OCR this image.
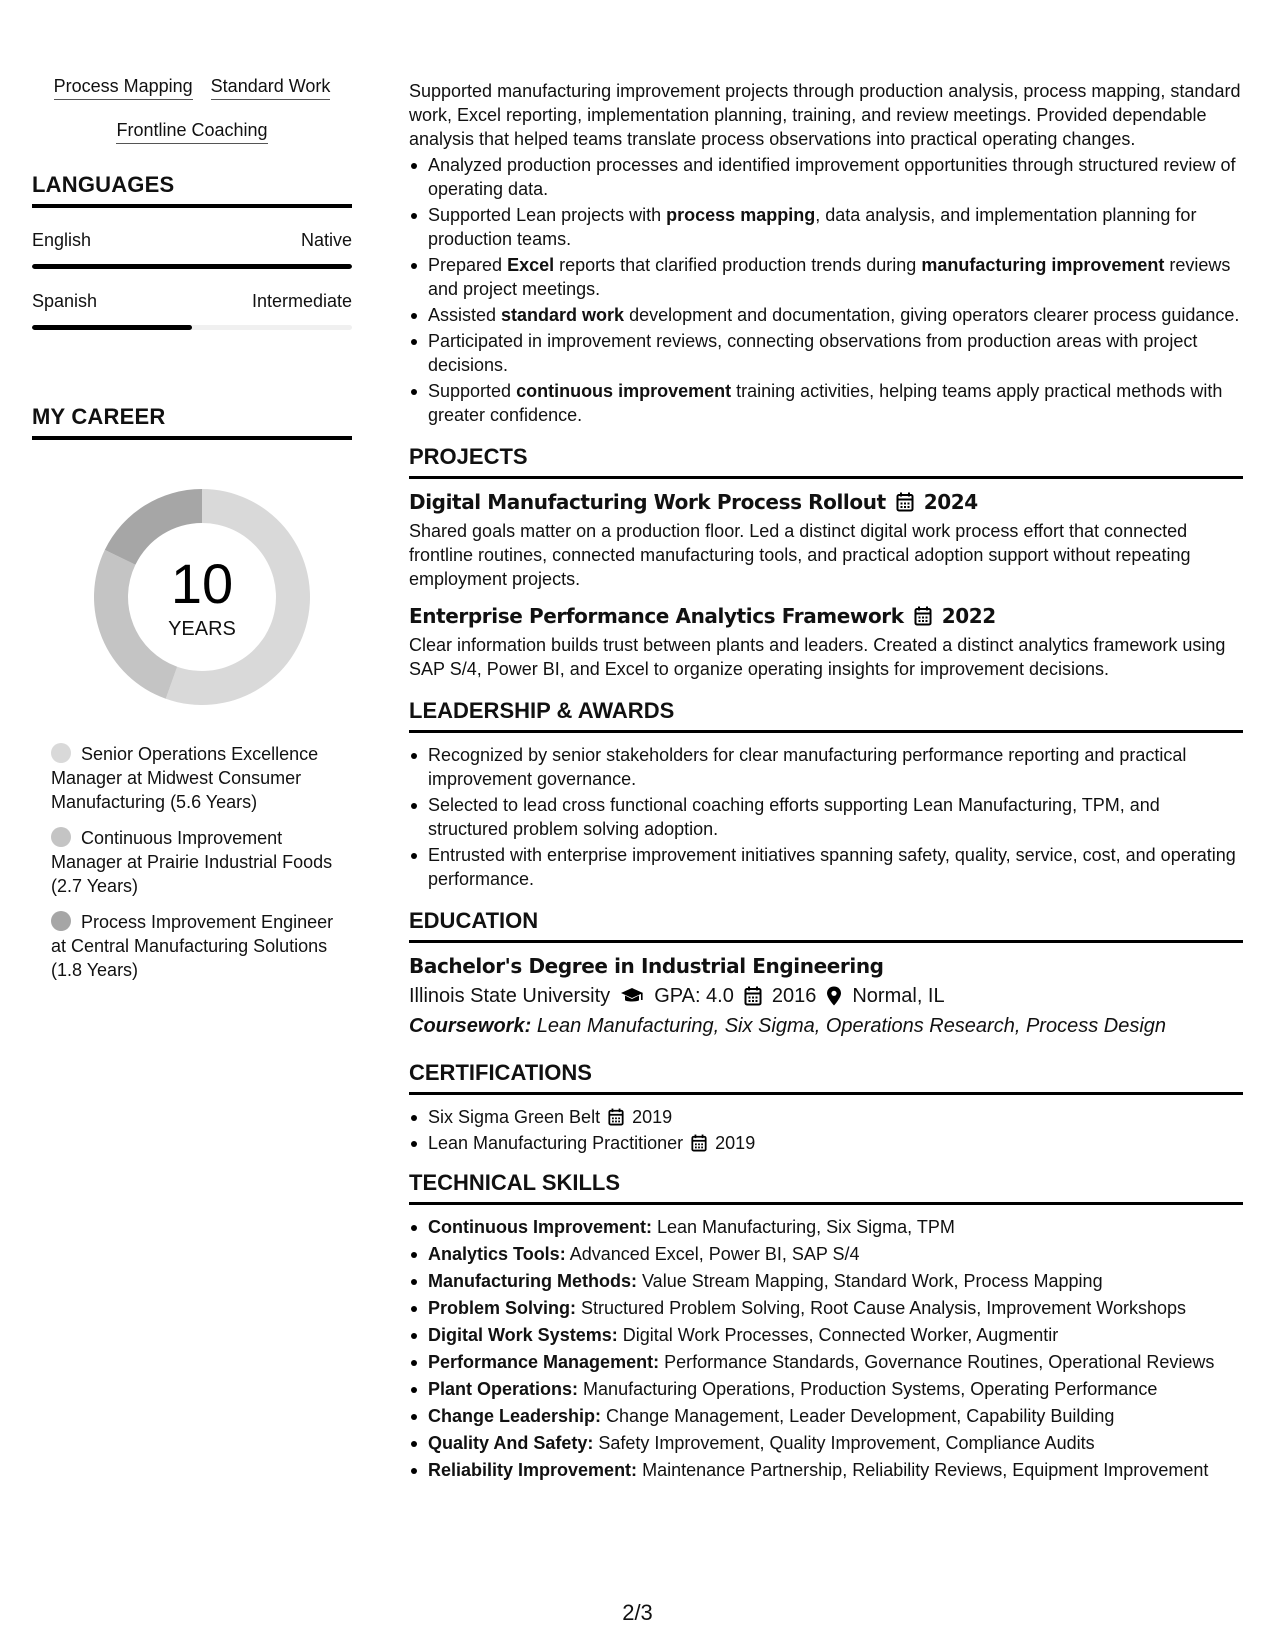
Process Mapping Standard Work
Frontline Coaching
LANGUAGES
English	Native
Spanish	Intermediate
MY CAREER
10
YEARS
Senior Operations Excellence Manager at Midwest Consumer Manufacturing (5.6 Years)
Continuous Improvement Manager at Prairie Industrial Foods (2.7 Years)
Process Improvement Engineer at Central Manufacturing Solutions (1.8 Years)

Supported manufacturing improvement projects through production analysis, process mapping, standard work, Excel reporting, implementation planning, training, and review meetings. Provided dependable analysis that helped teams translate process observations into practical operating changes.

Analyzed production processes and identified improvement opportunities through structured review of operating data.
Supported Lean projects with process mapping, data analysis, and implementation planning for production teams.
Prepared Excel reports that clarified production trends during manufacturing improvement reviews and project meetings.
Assisted standard work development and documentation, giving operators clearer process guidance.
Participated in improvement reviews, connecting observations from production areas with project decisions.
Supported continuous improvement training activities, helping teams apply practical methods with greater confidence.
PROJECTS
Digital Manufacturing Work Process Rollout 2024

Shared goals matter on a production floor. Led a distinct digital work process effort that connected frontline routines, connected manufacturing tools, and practical adoption support without repeating employment projects.

Enterprise Performance Analytics Framework 2022

Clear information builds trust between plants and leaders. Created a distinct analytics framework using SAP S/4, Power BI, and Excel to organize operating insights for improvement decisions.

LEADERSHIP & AWARDS
Recognized by senior stakeholders for clear manufacturing performance reporting and practical improvement governance.
Selected to lead cross functional coaching efforts supporting Lean Manufacturing, TPM, and structured problem solving adoption.
Entrusted with enterprise improvement initiatives spanning safety, quality, service, cost, and operating performance.
EDUCATION
Bachelor's Degree in Industrial Engineering
Illinois State University GPA: 4.0 2016 Normal, IL
Coursework: Lean Manufacturing, Six Sigma, Operations Research, Process Design
CERTIFICATIONS
Six Sigma Green Belt 2019
Lean Manufacturing Practitioner 2019
TECHNICAL SKILLS
Continuous Improvement: Lean Manufacturing, Six Sigma, TPM
Analytics Tools: Advanced Excel, Power BI, SAP S/4
Manufacturing Methods: Value Stream Mapping, Standard Work, Process Mapping
Problem Solving: Structured Problem Solving, Root Cause Analysis, Improvement Workshops
Digital Work Systems: Digital Work Processes, Connected Worker, Augmentir
Performance Management: Performance Standards, Governance Routines, Operational Reviews
Plant Operations: Manufacturing Operations, Production Systems, Operating Performance
Change Leadership: Change Management, Leader Development, Capability Building
Quality And Safety: Safety Improvement, Quality Improvement, Compliance Audits
Reliability Improvement: Maintenance Partnership, Reliability Reviews, Equipment Improvement
2/3
